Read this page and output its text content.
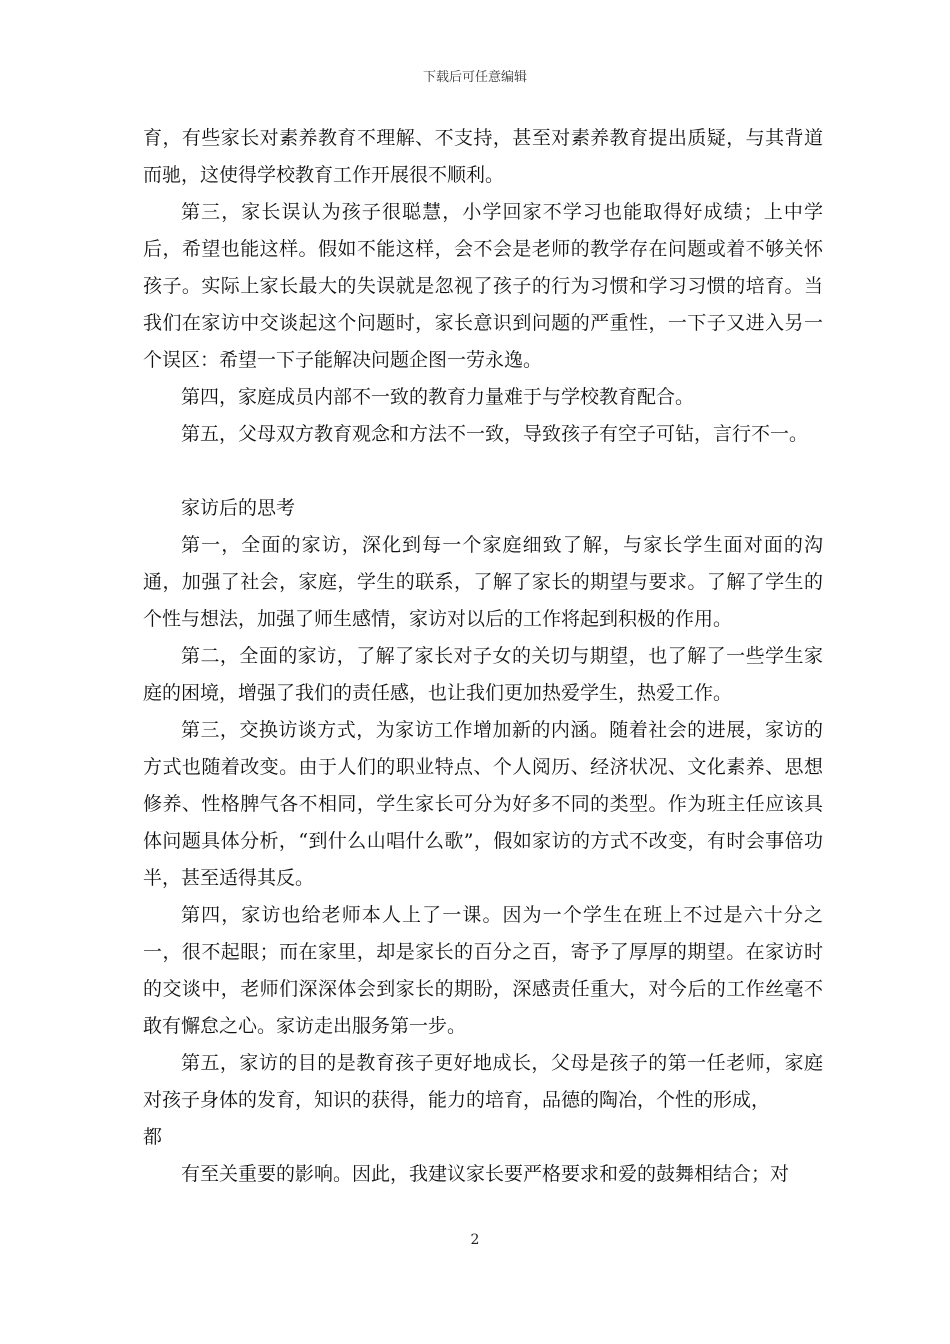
下载后可任意编辑

育，有些家长对素养教育不理解、不支持，甚至对素养教育提出质疑，与其背道而驰，这使得学校教育工作开展很不顺利。

第三，家长误认为孩子很聪慧，小学回家不学习也能取得好成绩；上中学后，希望也能这样。假如不能这样，会不会是老师的教学存在问题或着不够关怀孩子。实际上家长最大的失误就是忽视了孩子的行为习惯和学习习惯的培育。当我们在家访中交谈起这个问题时，家长意识到问题的严重性，一下子又进入另一个误区：希望一下子能解决问题企图一劳永逸。

第四，家庭成员内部不一致的教育力量难于与学校教育配合。

第五，父母双方教育观念和方法不一致，导致孩子有空子可钻，言行不一。

家访后的思考

第一，全面的家访，深化到每一个家庭细致了解，与家长学生面对面的沟通，加强了社会，家庭，学生的联系，了解了家长的期望与要求。了解了学生的个性与想法，加强了师生感情，家访对以后的工作将起到积极的作用。

第二，全面的家访，了解了家长对子女的关切与期望，也了解了一些学生家庭的困境，增强了我们的责任感，也让我们更加热爱学生，热爱工作。

第三，交换访谈方式，为家访工作增加新的内涵。随着社会的进展，家访的方式也随着改变。由于人们的职业特点、个人阅历、经济状况、文化素养、思想修养、性格脾气各不相同，学生家长可分为好多不同的类型。作为班主任应该具体问题具体分析，“到什么山唱什么歌”，假如家访的方式不改变，有时会事倍功半，甚至适得其反。

第四，家访也给老师本人上了一课。因为一个学生在班上不过是六十分之一，很不起眼；而在家里，却是家长的百分之百，寄予了厚厚的期望。在家访时的交谈中，老师们深深体会到家长的期盼，深感责任重大，对今后的工作丝毫不敢有懈怠之心。家访走出服务第一步。

第五，家访的目的是教育孩子更好地成长，父母是孩子的第一任老师，家庭对孩子身体的发育，知识的获得，能力的培育，品德的陶冶，个性的形成，

都

有至关重要的影响。因此，我建议家长要严格要求和爱的鼓舞相结合；对

2
